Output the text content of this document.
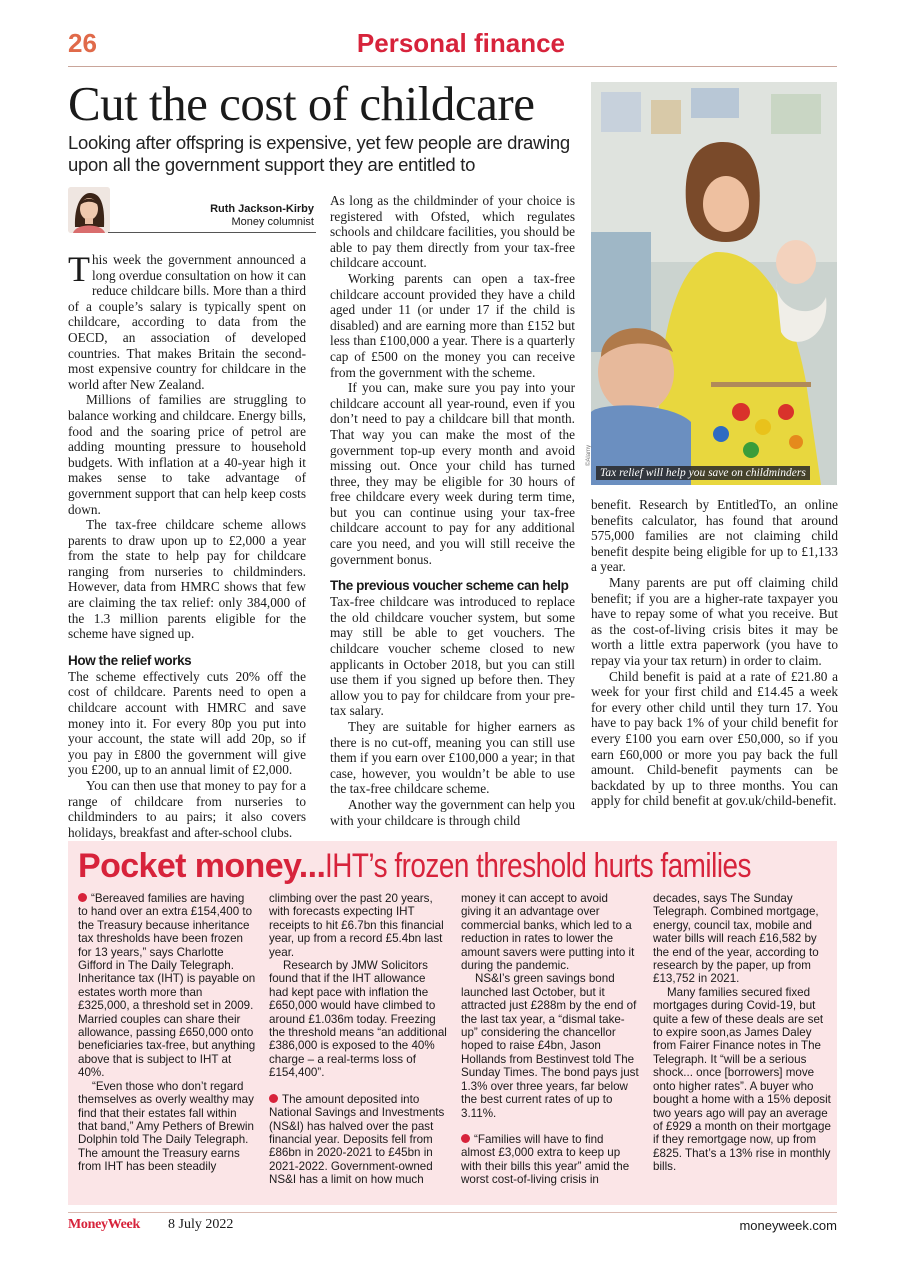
26	Personal finance
Cut the cost of childcare
Looking after offspring is expensive, yet few people are drawing upon all the government support they are entitled to
Ruth Jackson-Kirby
Money columnist

This week the government announced a long overdue consultation on how it can reduce childcare bills. More than a third of a couple’s salary is typically spent on childcare, according to data from the OECD, an association of developed countries. That makes Britain the second-most expensive country for childcare in the world after New Zealand.

Millions of families are struggling to balance working and childcare. Energy bills, food and the soaring price of petrol are adding mounting pressure to household budgets. With inflation at a 40-year high it makes sense to take advantage of government support that can help keep costs down.

The tax-free childcare scheme allows parents to draw upon up to £2,000 a year from the state to help pay for childcare ranging from nurseries to childminders. However, data from HMRC shows that few are claiming the tax relief: only 384,000 of the 1.3 million parents eligible for the scheme have signed up.

How the relief works

The scheme effectively cuts 20% off the cost of childcare. Parents need to open a childcare account with HMRC and save money into it. For every 80p you put into your account, the state will add 20p, so if you pay in £800 the government will give you £200, up to an annual limit of £2,000.

You can then use that money to pay for a range of childcare from nurseries to childminders to au pairs; it also covers holidays, breakfast and after-school clubs.

As long as the childminder of your choice is registered with Ofsted, which regulates schools and childcare facilities, you should be able to pay them directly from your tax-free childcare account.

Working parents can open a tax-free childcare account provided they have a child aged under 11 (or under 17 if the child is disabled) and are earning more than £152 but less than £100,000 a year. There is a quarterly cap of £500 on the money you can receive from the government with the scheme.

If you can, make sure you pay into your childcare account all year-round, even if you don’t need to pay a childcare bill that month. That way you can make the most of the government top-up every month and avoid missing out. Once your child has turned three, they may be eligible for 30 hours of free childcare every week during term time, but you can continue using your tax-free childcare account to pay for any additional care you need, and you will still receive the government bonus.

The previous voucher scheme can help

Tax-free childcare was introduced to replace the old childcare voucher system, but some may still be able to get vouchers. The childcare voucher scheme closed to new applicants in October 2018, but you can still use them if you signed up before then. They allow you to pay for childcare from your pre-tax salary.

They are suitable for higher earners as there is no cut-off, meaning you can still use them if you earn over £100,000 a year; in that case, however, you wouldn’t be able to use the tax-free childcare scheme.

Another way the government can help you with your childcare is through child

©Alamy
Tax relief will help you save on childminders

benefit. Research by EntitledTo, an online benefits calculator, has found that around 575,000 families are not claiming child benefit despite being eligible for up to £1,133 a year.

Many parents are put off claiming child benefit; if you are a higher-rate taxpayer you have to repay some of what you receive. But as the cost-of-living crisis bites it may be worth a little extra paperwork (you have to repay via your tax return) in order to claim.

Child benefit is paid at a rate of £21.80 a week for your first child and £14.45 a week for every other child until they turn 17. You have to pay back 1% of your child benefit for every £100 you earn over £50,000, so if you earn £60,000 or more you pay back the full amount. Child-benefit payments can be backdated by up to three months. You can apply for child benefit at gov.uk/child-benefit.

Pocket money...IHT’s frozen threshold hurts families

“Bereaved families are having to hand over an extra £154,400 to the Treasury because inheritance tax thresholds have been frozen for 13 years,” says Charlotte Gifford in The Daily Telegraph. Inheritance tax (IHT) is payable on estates worth more than £325,000, a threshold set in 2009. Married couples can share their allowance, passing £650,000 onto beneficiaries tax-free, but anything above that is subject to IHT at 40%.

“Even those who don’t regard themselves as overly wealthy may find that their estates fall within that band,” Amy Pethers of Brewin Dolphin told The Daily Telegraph. The amount the Treasury earns from IHT has been steadily

climbing over the past 20 years, with forecasts expecting IHT receipts to hit £6.7bn this financial year, up from a record £5.4bn last year.

Research by JMW Solicitors found that if the IHT allowance had kept pace with inflation the £650,000 would have climbed to around £1.036m today. Freezing the threshold means “an additional £386,000 is exposed to the 40% charge – a real-terms loss of £154,400”.

The amount deposited into National Savings and Investments (NS&I) has halved over the past financial year. Deposits fell from £86bn in 2020-2021 to £45bn in 2021-2022. Government-owned NS&I has a limit on how much

money it can accept to avoid giving it an advantage over commercial banks, which led to a reduction in rates to lower the amount savers were putting into it during the pandemic.

NS&I’s green savings bond launched last October, but it attracted just £288m by the end of the last tax year, a “dismal take-up” considering the chancellor hoped to raise £4bn, Jason Hollands from Bestinvest told The Sunday Times. The bond pays just 1.3% over three years, far below the best current rates of up to 3.11%.

“Families will have to find almost £3,000 extra to keep up with their bills this year” amid the worst cost-of-living crisis in

decades, says The Sunday Telegraph. Combined mortgage, energy, council tax, mobile and water bills will reach £16,582 by the end of the year, according to research by the paper, up from £13,752 in 2021.

Many families secured fixed mortgages during Covid-19, but quite a few of these deals are set to expire soon,as James Daley from Fairer Finance notes in The Telegraph. It “will be a serious shock... once [borrowers] move onto higher rates”. A buyer who bought a home with a 15% deposit two years ago will pay an average of £929 a month on their mortgage if they remortgage now, up from £825. That’s a 13% rise in monthly bills.

MoneyWeek 8 July 2022	moneyweek.com
